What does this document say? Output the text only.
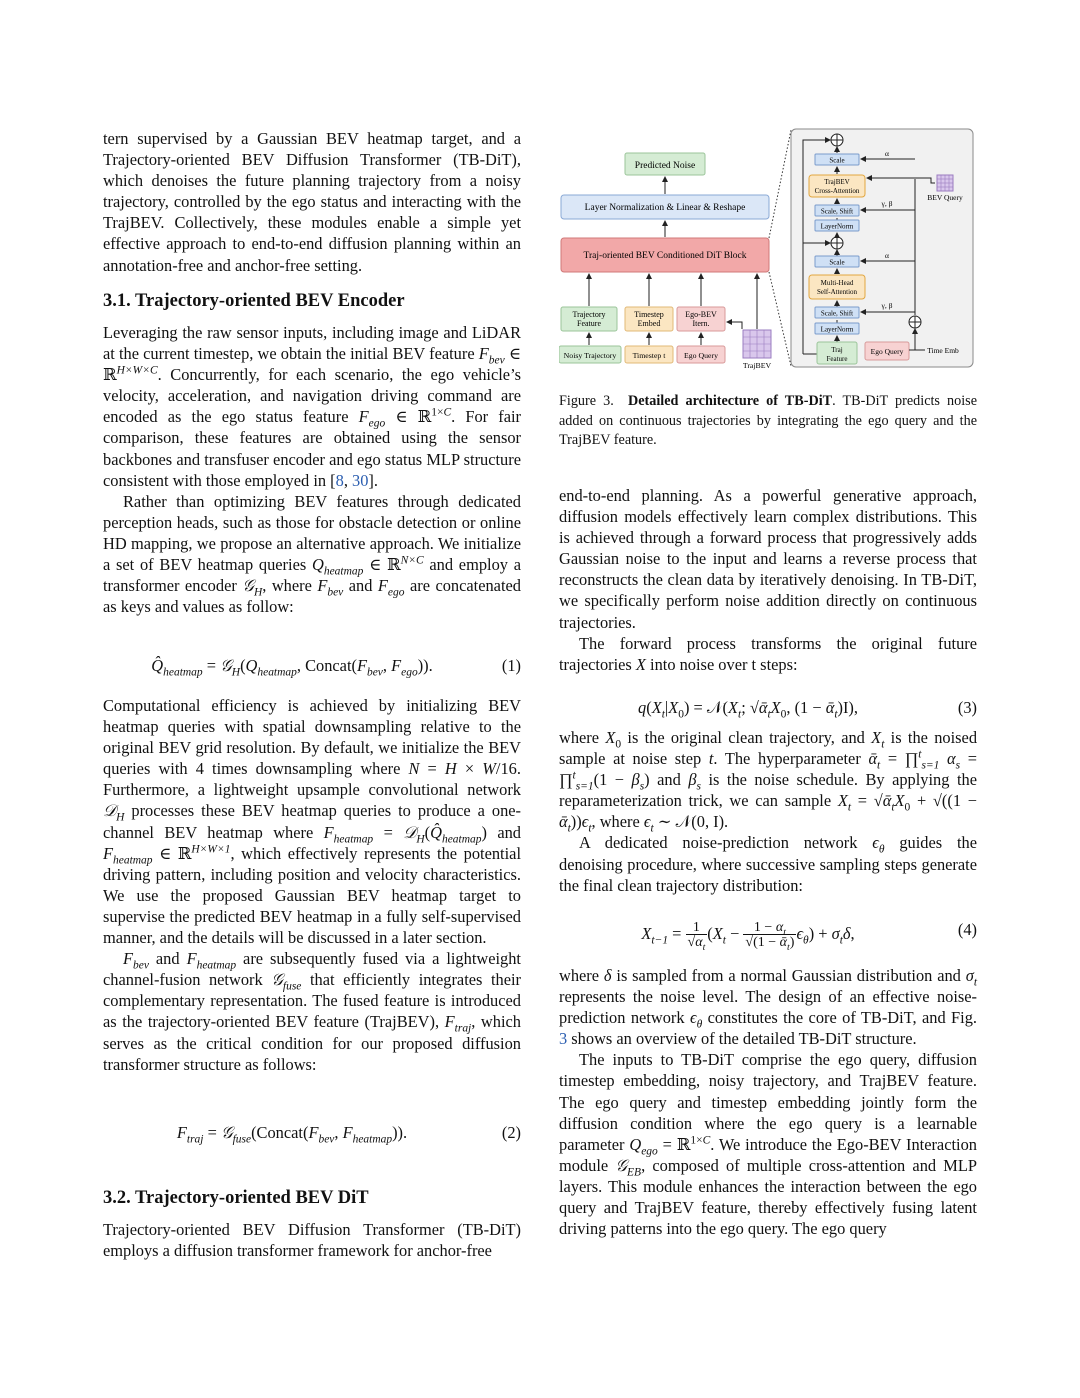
tern supervised by a Gaussian BEV heatmap target, and a Trajectory-oriented BEV Diffusion Transformer (TB-DiT), which denoises the future planning trajectory from a noisy trajectory, controlled by the ego status and interacting with the TrajBEV. Collectively, these modules enable a simple yet effective approach to end-to-end diffusion planning within an annotation-free and anchor-free setting.

3.1. Trajectory-oriented BEV Encoder

Leveraging the raw sensor inputs, including image and LiDAR at the current timestep, we obtain the initial BEV feature $F_{bev}$ ∈ ℝ$^{H\times W\times C}$. Concurrently, for each scenario, the ego vehicle’s velocity, acceleration, and navigation driving command are encoded as the ego status feature $F_{ego}$ ∈ ℝ$^{1\times C}$. For fair comparison, these features are obtained using the sensor backbones and transfuser encoder and ego status MLP structure consistent with those employed in [8, 30].

Rather than optimizing BEV features through dedicated perception heads, such as those for obstacle detection or online HD mapping, we propose an alternative approach. We initialize a set of BEV heatmap queries $Q_{heatmap}$ ∈ ℝ$^{N\times C}$ and employ a transformer encoder 𝒢$_H$, where $F_{bev}$ and $F_{ego}$ are concatenated as keys and values as follow:

$Q̂_{heatmap}$ = $𝒢_H(Q_{heatmap}$, $Concat(F_{bev}$, $F_{ego}$)).	(1)

Computational efficiency is achieved by initializing BEV heatmap queries with spatial downsampling relative to the original BEV grid resolution. By default, we initialize the BEV queries with 4 times downsampling where N = H × W/16. Furthermore, a lightweight upsample convolutional network 𝒟$_H$ processes these BEV heatmap queries to produce a one-channel BEV heatmap where $F_{heatmap}$ = $𝒟_H(Q̂_{heatmap})$ and $F_{heatmap}$ ∈ ℝ$^{H\times W\times 1}$, which effectively represents the potential driving pattern, including position and velocity characteristics. We use the proposed Gaussian BEV heatmap target to supervise the predicted BEV heatmap in a fully self-supervised manner, and the details will be discussed in a later section.

$F_{bev}$ and $F_{heatmap}$ are subsequently fused via a lightweight channel-fusion network 𝒢$_{fuse}$ that efficiently integrates their complementary representation. The fused feature is introduced as the trajectory-oriented BEV feature (TrajBEV), $F_{traj}$, which serves as the critical condition for our proposed diffusion transformer structure as follows:

$F_{traj}$ = $𝒢_{fuse}(Concat(F_{bev}$, $F_{heatmap}$)).	(2)
3.2. Trajectory-oriented BEV DiT

Trajectory-oriented BEV Diffusion Transformer (TB-DiT) employs a diffusion transformer framework for anchor-free

Predicted Noise
Layer Normalization & Linear & Reshape
Traj-oriented BEV Conditioned DiT Block
Trajectory
Feature
Timestep
Embed
Ego-BEV
Itern.
Noisy Trajectory Timestep t Ego Query
TrajBEV
Scale
TrajBEV
Cross-Attention
Scale, Shift
LayerNorm
Scale
Multi-Head
Self-Attention
Scale, Shift
LayerNorm
Traj
Feature
Ego Query	Time Emb
α
γ, β
α
γ, β
BEV Query
Figure 3. Detailed architecture of TB-DiT. TB-DiT predicts noise added on continuous trajectories by integrating the ego query and the TrajBEV feature.

end-to-end planning. As a powerful generative approach, diffusion models effectively learn complex distributions. This is achieved through a forward process that progressively adds Gaussian noise to the input and learns a reverse process that reconstructs the clean data by iteratively denoising. In TB-DiT, we specifically perform noise addition directly on continuous trajectories.

The forward process transforms the original future trajectories X into noise over t steps:

$q(X_t|X_0)$ = $𝒩(X_t$; $√ᾱ_tX_0$, (1 − ᾱ$_t$)I),	(3)

where $X_0$ is the original clean trajectory, and $X_t$ is the noised sample at noise step t. The hyperparameter ᾱ$_t$ = ∏$^t_{s=1}$ $\alpha_s$ = ∏$^t_{s=1}$(1 − $\beta_s$) and $\beta_s$ is the noise schedule. By applying the reparameterization trick, we can sample $X_t$ = $√ᾱ_tX_0 + √((1$ − $ᾱ_t))\epsilon_t$, where $\epsilon_t$ ∼ 𝒩(0, I).

A dedicated noise-prediction network $\epsilon_\theta$ guides the denoising procedure, where successive sampling steps generate the final clean trajectory distribution:

$X_{t-1} = 1$
$√\alpha_t(X_t - 1 - \alpha_t$
√(1 − ᾱ$_t$) $\epsilon_\theta) + \sigma_t\delta$,	(4)

where δ is sampled from a normal Gaussian distribution and $\sigma_t$ represents the noise level. The design of an effective noise-prediction network $\epsilon_\theta$ constitutes the core of TB-DiT, and Fig. 3 shows an overview of the detailed TB-DiT structure.

The inputs to TB-DiT comprise the ego query, diffusion timestep embedding, noisy trajectory, and TrajBEV feature. The ego query and timestep embedding jointly form the diffusion condition where the ego query is a learnable parameter $Q_{ego}$ = ℝ$^{1\times C}$. We introduce the Ego-BEV Interaction module 𝒢$_{EB}$, composed of multiple cross-attention and MLP layers. This module enhances the interaction between the ego query and TrajBEV feature, thereby effectively fusing latent driving patterns into the ego query. The ego query
